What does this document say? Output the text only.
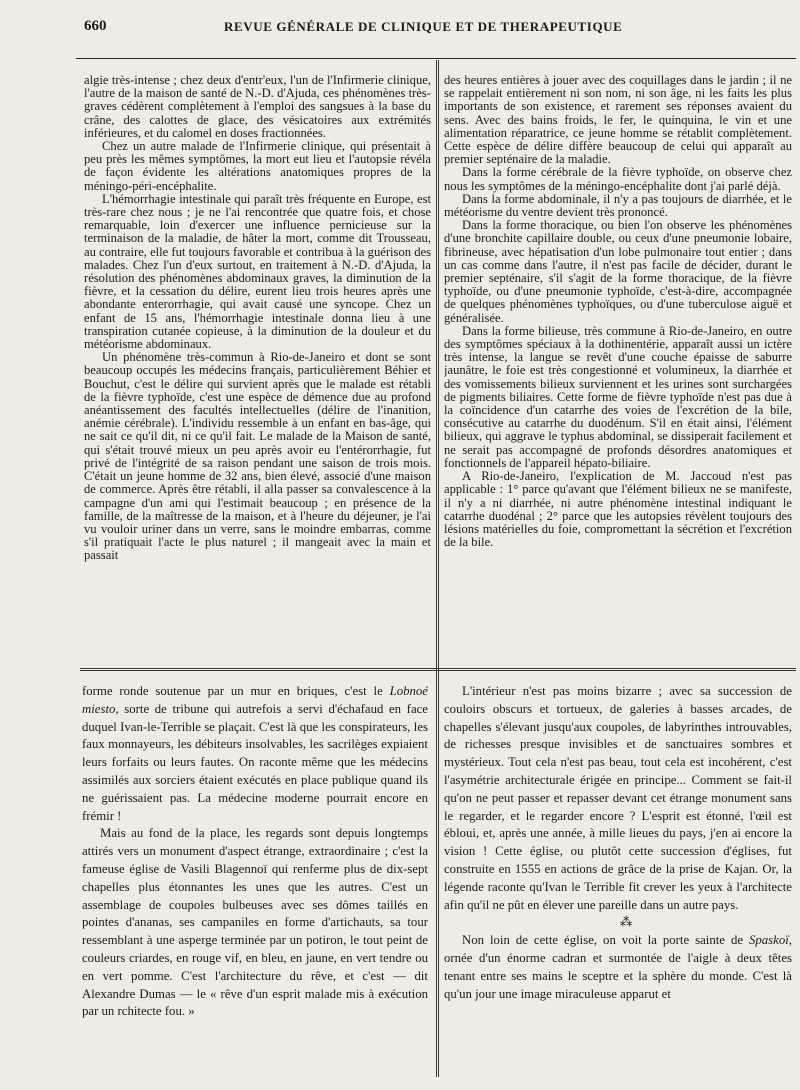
660	REVUE GÉNÉRALE DE CLINIQUE ET DE THERAPEUTIQUE

algie très-intense ; chez deux d'entr'eux, l'un de l'Infirmerie clinique, l'autre de la maison de santé de N.-D. d'Ajuda, ces phénomènes très-graves cédèrent complètement à l'emploi des sangsues à la base du crâne, des calottes de glace, des vésicatoires aux extrémités inférieures, et du calomel en doses fractionnées.

Chez un autre malade de l'Infirmerie clinique, qui présentait à peu près les mêmes symptômes, la mort eut lieu et l'autopsie révéla de façon évidente les altérations anatomiques propres de la méningo-péri-encéphalite.

L'hémorrhagie intestinale qui paraît très fréquente en Europe, est très-rare chez nous ; je ne l'ai rencontrée que quatre fois, et chose remarquable, loin d'exercer une influence pernicieuse sur la terminaison de la maladie, de hâter la mort, comme dit Trousseau, au contraire, elle fut toujours favorable et contribua à la guérison des malades. Chez l'un d'eux surtout, en traitement à N.-D. d'Ajuda, la résolution des phénomènes abdominaux graves, la diminution de la fièvre, et la cessation du délire, eurent lieu trois heures après une abondante enterorrhagie, qui avait causé une syncope. Chez un enfant de 15 ans, l'hémorrhagie intestinale donna lieu à une transpiration cutanée copieuse, à la diminution de la douleur et du météorisme abdominaux.

Un phénomène très-commun à Rio-de-Janeiro et dont se sont beaucoup occupés les médecins français, particulièrement Béhier et Bouchut, c'est le délire qui survient après que le malade est rétabli de la fièvre typhoïde, c'est une espèce de démence due au profond anéantissement des facultés intellectuelles (délire de l'inanition, anémie cérébrale). L'individu ressemble à un enfant en bas-âge, qui ne sait ce qu'il dit, ni ce qu'il fait. Le malade de la Maison de santé, qui s'était trouvé mieux un peu après avoir eu l'entérorrhagie, fut privé de l'intégrité de sa raison pendant une saison de trois mois. C'était un jeune homme de 32 ans, bien élevé, associé d'une maison de commerce. Après être rétabli, il alla passer sa convalescence à la campagne d'un ami qui l'estimait beaucoup ; en présence de la famille, de la maîtresse de la maison, et à l'heure du déjeuner, je l'ai vu vouloir uriner dans un verre, sans le moindre embarras, comme s'il pratiquait l'acte le plus naturel ; il mangeait avec la main et passait

des heures entières à jouer avec des coquillages dans le jardin ; il ne se rappelait entièrement ni son nom, ni son âge, ni les faits les plus importants de son existence, et rarement ses réponses avaient du sens. Avec des bains froids, le fer, le quinquina, le vin et une alimentation réparatrice, ce jeune homme se rétablit complètement. Cette espèce de délire diffère beaucoup de celui qui apparaît au premier septénaire de la maladie.

Dans la forme cérébrale de la fièvre typhoïde, on observe chez nous les symptômes de la méningo-encéphalite dont j'ai parlé déjà.

Dans la forme abdominale, il n'y a pas toujours de diarrhée, et le météorisme du ventre devient très prononcé.

Dans la forme thoracique, ou bien l'on observe les phénomènes d'une bronchite capillaire double, ou ceux d'une pneumonie lobaire, fibrineuse, avec hépatisation d'un lobe pulmonaire tout entier ; dans un cas comme dans l'autre, il n'est pas facile de décider, durant le premier septénaire, s'il s'agit de la forme thoracique, de la fièvre typhoïde, ou d'une pneumonie typhoïde, c'est-à-dire, accompagnée de quelques phénomènes typhoïques, ou d'une tuberculose aiguë et généralisée.

Dans la forme bilieuse, très commune à Rio-de-Janeiro, en outre des symptômes spéciaux à la dothinentérie, apparaît aussi un ictère très intense, la langue se revêt d'une couche épaisse de saburre jaunâtre, le foie est très congestionné et volumineux, la diarrhée et des vomissements bilieux surviennent et les urines sont surchargées de pigments biliaires. Cette forme de fièvre typhoïde n'est pas due à la coïncidence d'un catarrhe des voies de l'excrétion de la bile, consécutive au catarrhe du duodénum. S'il en était ainsi, l'élément bilieux, qui aggrave le typhus abdominal, se dissiperait facilement et ne serait pas accompagné de profonds désordres anatomiques et fonctionnels de l'appareil hépato-biliaire.

A Rio-de-Janeiro, l'explication de M. Jaccoud n'est pas applicable : 1° parce qu'avant que l'élément bilieux ne se manifeste, il n'y a ni diarrhée, ni autre phénomène intestinal indiquant le catarrhe duodénal ; 2° parce que les autopsies révèlent toujours des lésions matérielles du foie, compromettant la sécrétion et l'excrétion de la bile.

forme ronde soutenue par un mur en briques, c'est le Lobnoé miesto, sorte de tribune qui autrefois a servi d'échafaud en face duquel Ivan-le-Terrible se plaçait. C'est là que les conspirateurs, les faux monnayeurs, les débiteurs insolvables, les sacrilèges expiaient leurs forfaits ou leurs fautes. On raconte même que les médecins assimilés aux sorciers étaient exécutés en place publique quand ils ne guérissaient pas. La médecine moderne pourrait encore en frémir !

Mais au fond de la place, les regards sont depuis longtemps attirés vers un monument d'aspect étrange, extraordinaire ; c'est la fameuse église de Vasili Blagennoï qui renferme plus de dix-sept chapelles plus étonnantes les unes que les autres. C'est un assemblage de coupoles bulbeuses avec ses dômes taillés en pointes d'ananas, ses campaniles en forme d'artichauts, sa tour ressemblant à une asperge terminée par un potiron, le tout peint de couleurs criardes, en rouge vif, en bleu, en jaune, en vert tendre ou en vert pomme. C'est l'architecture du rêve, et c'est — dit Alexandre Dumas — le « rêve d'un esprit malade mis à exécution par un rchitecte fou. »

L'intérieur n'est pas moins bizarre ; avec sa succession de couloirs obscurs et tortueux, de galeries à basses arcades, de chapelles s'élevant jusqu'aux coupoles, de labyrinthes introuvables, de richesses presque invisibles et de sanctuaires sombres et mystérieux. Tout cela n'est pas beau, tout cela est incohérent, c'est l'asymétrie architecturale érigée en principe... Comment se fait-il qu'on ne peut passer et repasser devant cet étrange monument sans le regarder, et le regarder encore ? L'esprit est étonné, l'œil est ébloui, et, après une année, à mille lieues du pays, j'en ai encore la vision ! Cette église, ou plutôt cette succession d'églises, fut construite en 1555 en actions de grâce de la prise de Kajan. Or, la légende raconte qu'Ivan le Terrible fit crever les yeux à l'architecte afin qu'il ne pût en élever une pareille dans un autre pays.

⁂

Non loin de cette église, on voit la porte sainte de Spaskoï, ornée d'un énorme cadran et surmontée de l'aigle à deux têtes tenant entre ses mains le sceptre et la sphère du monde. C'est là qu'un jour une image miraculeuse apparut et
